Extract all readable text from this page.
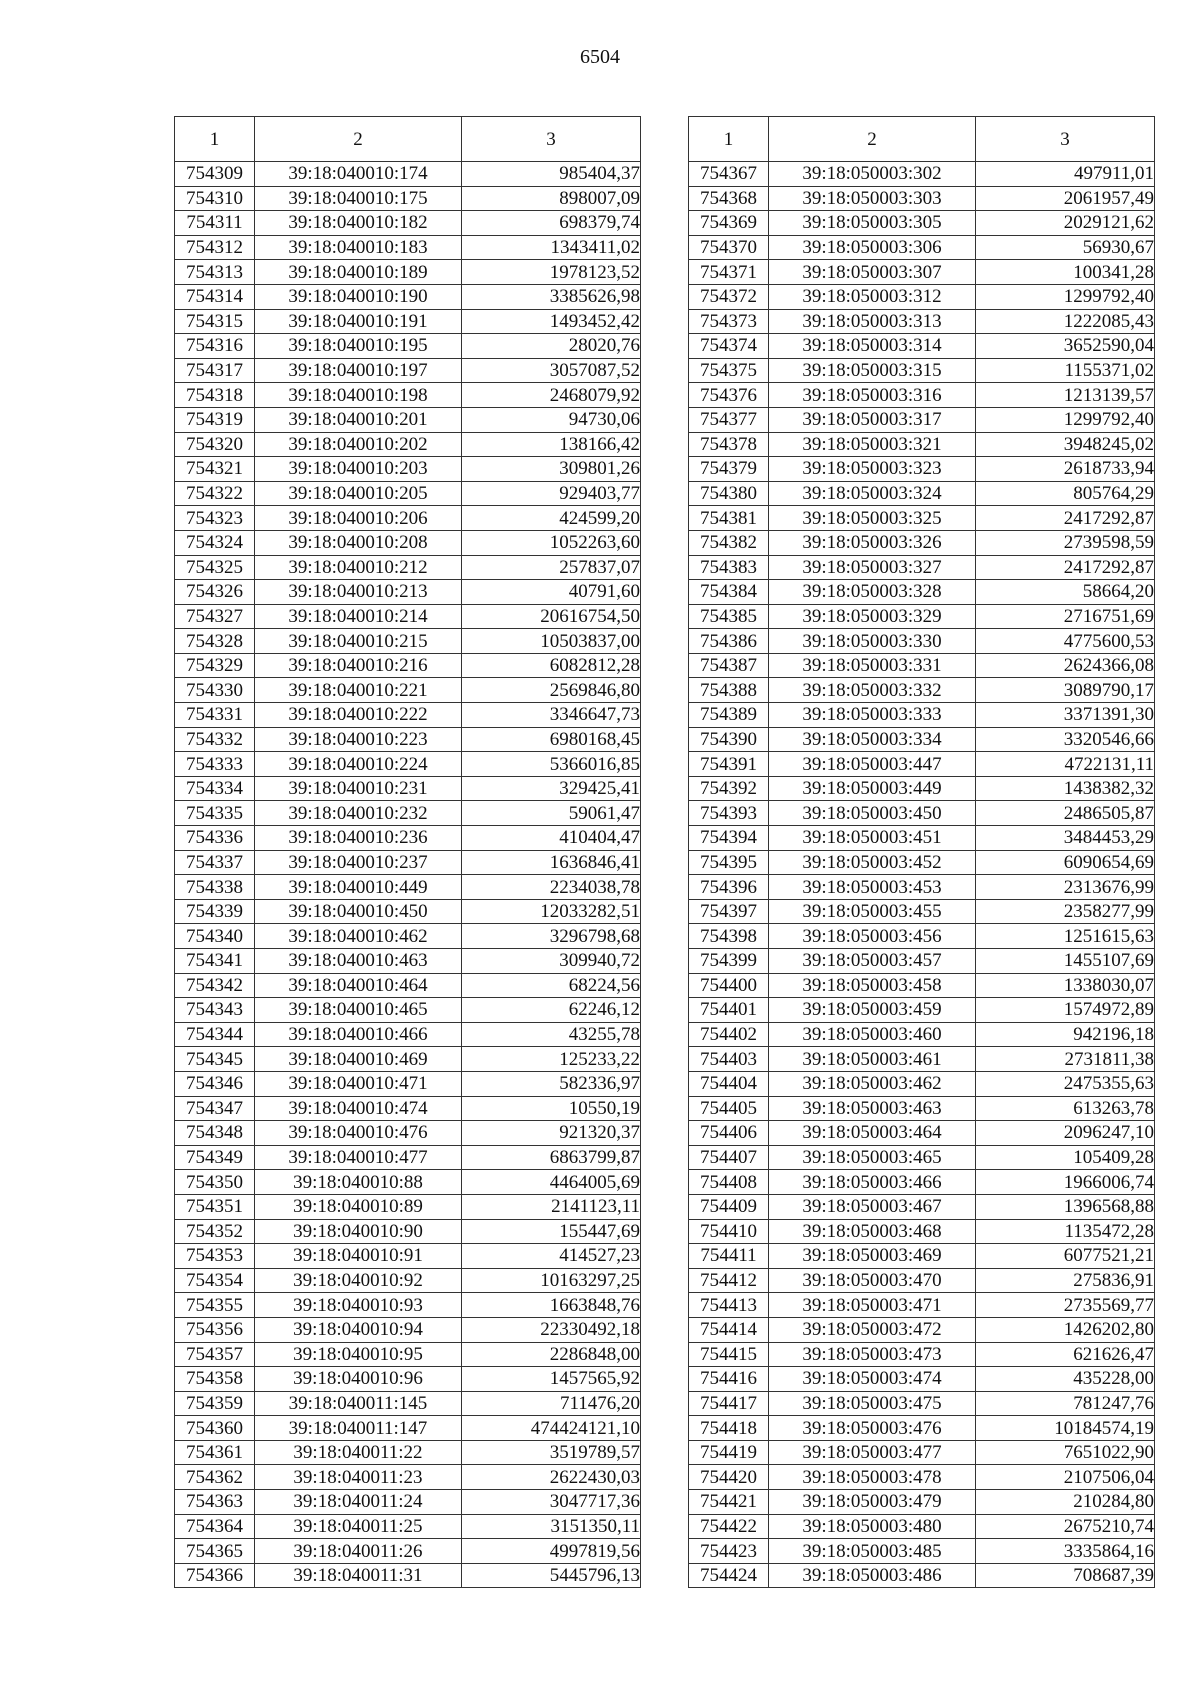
6504
1	2	3
754309	39:18:040010:174	985404,37
754310	39:18:040010:175	898007,09
754311	39:18:040010:182	698379,74
754312	39:18:040010:183	1343411,02
754313	39:18:040010:189	1978123,52
754314	39:18:040010:190	3385626,98
754315	39:18:040010:191	1493452,42
754316	39:18:040010:195	28020,76
754317	39:18:040010:197	3057087,52
754318	39:18:040010:198	2468079,92
754319	39:18:040010:201	94730,06
754320	39:18:040010:202	138166,42
754321	39:18:040010:203	309801,26
754322	39:18:040010:205	929403,77
754323	39:18:040010:206	424599,20
754324	39:18:040010:208	1052263,60
754325	39:18:040010:212	257837,07
754326	39:18:040010:213	40791,60
754327	39:18:040010:214	20616754,50
754328	39:18:040010:215	10503837,00
754329	39:18:040010:216	6082812,28
754330	39:18:040010:221	2569846,80
754331	39:18:040010:222	3346647,73
754332	39:18:040010:223	6980168,45
754333	39:18:040010:224	5366016,85
754334	39:18:040010:231	329425,41
754335	39:18:040010:232	59061,47
754336	39:18:040010:236	410404,47
754337	39:18:040010:237	1636846,41
754338	39:18:040010:449	2234038,78
754339	39:18:040010:450	12033282,51
754340	39:18:040010:462	3296798,68
754341	39:18:040010:463	309940,72
754342	39:18:040010:464	68224,56
754343	39:18:040010:465	62246,12
754344	39:18:040010:466	43255,78
754345	39:18:040010:469	125233,22
754346	39:18:040010:471	582336,97
754347	39:18:040010:474	10550,19
754348	39:18:040010:476	921320,37
754349	39:18:040010:477	6863799,87
754350	39:18:040010:88	4464005,69
754351	39:18:040010:89	2141123,11
754352	39:18:040010:90	155447,69
754353	39:18:040010:91	414527,23
754354	39:18:040010:92	10163297,25
754355	39:18:040010:93	1663848,76
754356	39:18:040010:94	22330492,18
754357	39:18:040010:95	2286848,00
754358	39:18:040010:96	1457565,92
754359	39:18:040011:145	711476,20
754360	39:18:040011:147	474424121,10
754361	39:18:040011:22	3519789,57
754362	39:18:040011:23	2622430,03
754363	39:18:040011:24	3047717,36
754364	39:18:040011:25	3151350,11
754365	39:18:040011:26	4997819,56
754366	39:18:040011:31	5445796,13
1	2	3
754367	39:18:050003:302	497911,01
754368	39:18:050003:303	2061957,49
754369	39:18:050003:305	2029121,62
754370	39:18:050003:306	56930,67
754371	39:18:050003:307	100341,28
754372	39:18:050003:312	1299792,40
754373	39:18:050003:313	1222085,43
754374	39:18:050003:314	3652590,04
754375	39:18:050003:315	1155371,02
754376	39:18:050003:316	1213139,57
754377	39:18:050003:317	1299792,40
754378	39:18:050003:321	3948245,02
754379	39:18:050003:323	2618733,94
754380	39:18:050003:324	805764,29
754381	39:18:050003:325	2417292,87
754382	39:18:050003:326	2739598,59
754383	39:18:050003:327	2417292,87
754384	39:18:050003:328	58664,20
754385	39:18:050003:329	2716751,69
754386	39:18:050003:330	4775600,53
754387	39:18:050003:331	2624366,08
754388	39:18:050003:332	3089790,17
754389	39:18:050003:333	3371391,30
754390	39:18:050003:334	3320546,66
754391	39:18:050003:447	4722131,11
754392	39:18:050003:449	1438382,32
754393	39:18:050003:450	2486505,87
754394	39:18:050003:451	3484453,29
754395	39:18:050003:452	6090654,69
754396	39:18:050003:453	2313676,99
754397	39:18:050003:455	2358277,99
754398	39:18:050003:456	1251615,63
754399	39:18:050003:457	1455107,69
754400	39:18:050003:458	1338030,07
754401	39:18:050003:459	1574972,89
754402	39:18:050003:460	942196,18
754403	39:18:050003:461	2731811,38
754404	39:18:050003:462	2475355,63
754405	39:18:050003:463	613263,78
754406	39:18:050003:464	2096247,10
754407	39:18:050003:465	105409,28
754408	39:18:050003:466	1966006,74
754409	39:18:050003:467	1396568,88
754410	39:18:050003:468	1135472,28
754411	39:18:050003:469	6077521,21
754412	39:18:050003:470	275836,91
754413	39:18:050003:471	2735569,77
754414	39:18:050003:472	1426202,80
754415	39:18:050003:473	621626,47
754416	39:18:050003:474	435228,00
754417	39:18:050003:475	781247,76
754418	39:18:050003:476	10184574,19
754419	39:18:050003:477	7651022,90
754420	39:18:050003:478	2107506,04
754421	39:18:050003:479	210284,80
754422	39:18:050003:480	2675210,74
754423	39:18:050003:485	3335864,16
754424	39:18:050003:486	708687,39
